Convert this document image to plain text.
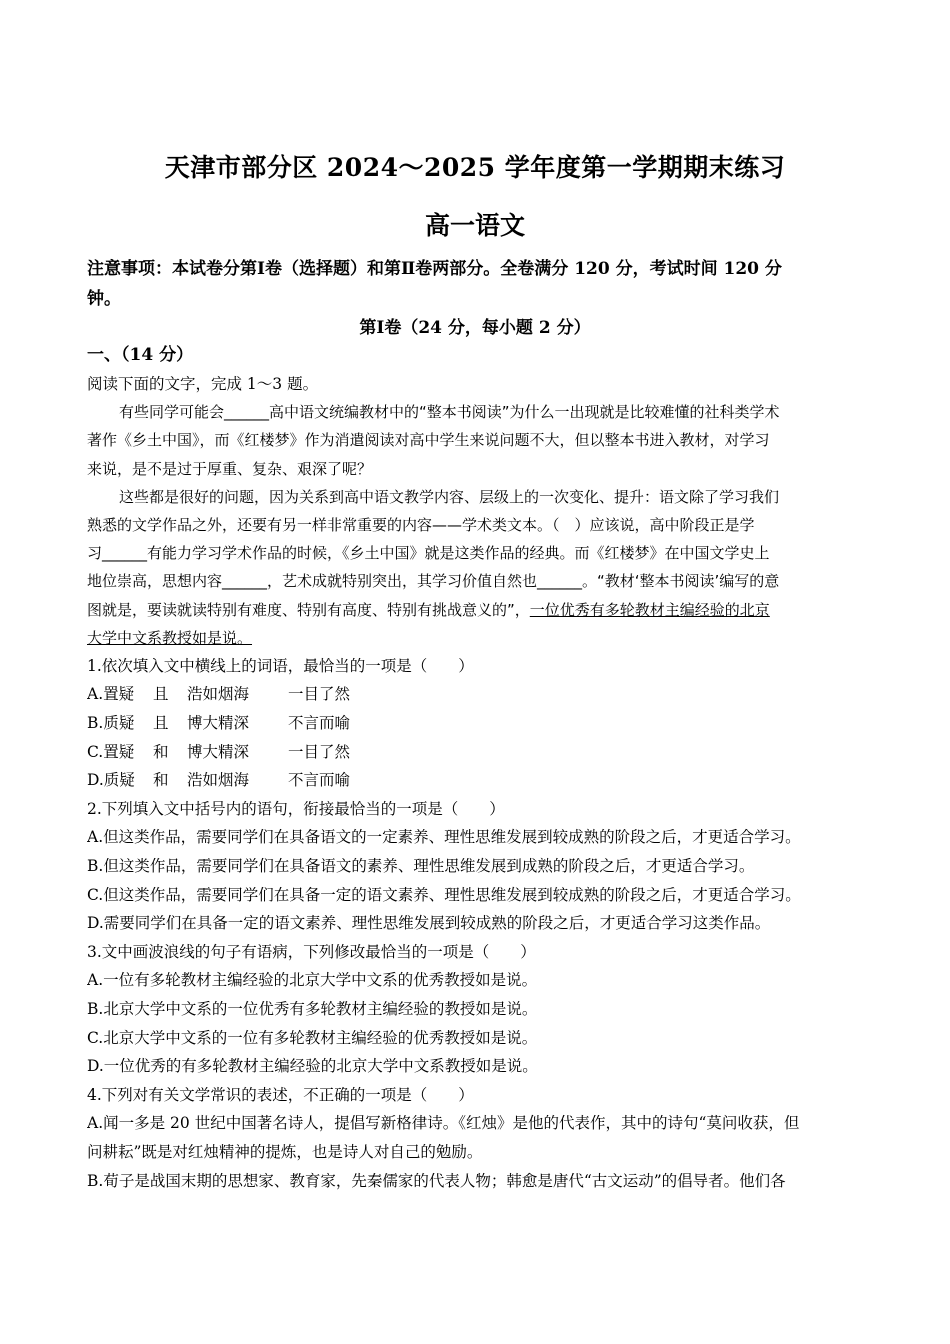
天津市部分区 2024～2025 学年度第一学期期末练习
高一语文
注意事项：本试卷分第Ⅰ卷（选择题）和第Ⅱ卷两部分。全卷满分 120 分，考试时间 120 分
钟。
第Ⅰ卷（24 分，每小题 2 分）
一、（14 分）
阅读下面的文字，完成 1～3 题。
有些同学可能会______高中语文统编教材中的“整本书阅读”为什么一出现就是比较难懂的社科类学术
著作《乡土中国》，而《红楼梦》作为消遣阅读对高中学生来说问题不大，但以整本书进入教材，对学习
来说，是不是过于厚重、复杂、艰深了呢？
这些都是很好的问题，因为关系到高中语文教学内容、层级上的一次变化、提升：语文除了学习我们
熟悉的文学作品之外，还要有另一样非常重要的内容——学术类文本。（　）应该说，高中阶段正是学
习______有能力学习学术作品的时候，《乡土中国》就是这类作品的经典。而《红楼梦》在中国文学史上
地位崇高，思想内容______，艺术成就特别突出，其学习价值自然也______。“教材‘整本书阅读’编写的意
图就是，要读就读特别有难度、特别有高度、特别有挑战意义的”，一位优秀有多轮教材主编经验的北京
大学中文系教授如是说。
1.依次填入文中横线上的词语，最恰当的一项是（　　）
A.置疑 且 浩如烟海	一目了然
B.质疑 且 博大精深	不言而喻
C.置疑 和 博大精深	一目了然
D.质疑 和 浩如烟海	不言而喻
2.下列填入文中括号内的语句，衔接最恰当的一项是（　　）
A.但这类作品，需要同学们在具备语文的一定素养、理性思维发展到较成熟的阶段之后，才更适合学习。
B.但这类作品，需要同学们在具备语文的素养、理性思维发展到成熟的阶段之后，才更适合学习。
C.但这类作品，需要同学们在具备一定的语文素养、理性思维发展到较成熟的阶段之后，才更适合学习。
D.需要同学们在具备一定的语文素养、理性思维发展到较成熟的阶段之后，才更适合学习这类作品。
3.文中画波浪线的句子有语病，下列修改最恰当的一项是（　　）
A.一位有多轮教材主编经验的北京大学中文系的优秀教授如是说。
B.北京大学中文系的一位优秀有多轮教材主编经验的教授如是说。
C.北京大学中文系的一位有多轮教材主编经验的优秀教授如是说。
D.一位优秀的有多轮教材主编经验的北京大学中文系教授如是说。
4.下列对有关文学常识的表述，不正确的一项是（　　）
A.闻一多是 20 世纪中国著名诗人，提倡写新格律诗。《红烛》是他的代表作，其中的诗句“莫问收获，但
问耕耘”既是对红烛精神的提炼，也是诗人对自己的勉励。
B.荀子是战国末期的思想家、教育家，先秦儒家的代表人物；韩愈是唐代“古文运动”的倡导者。他们各
